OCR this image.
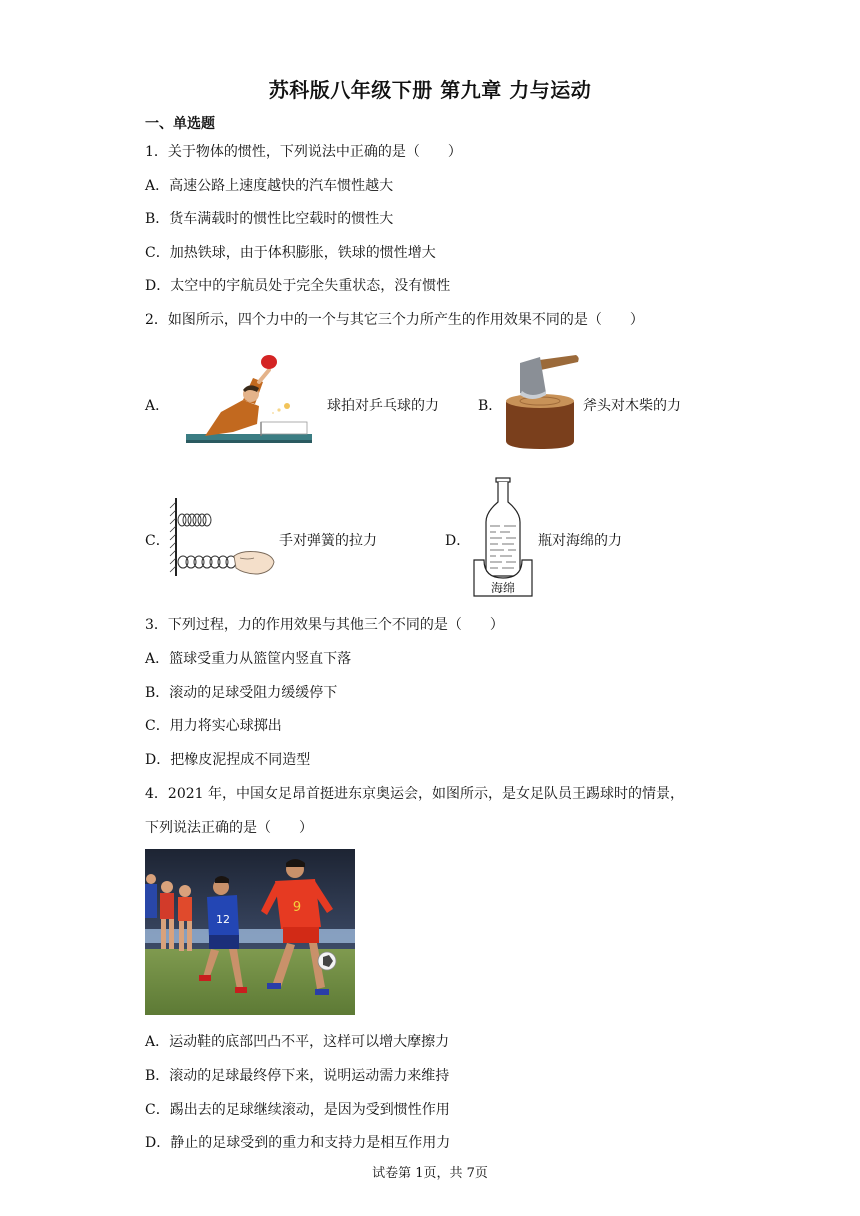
苏科版八年级下册 第九章 力与运动
一、单选题
1．关于物体的惯性，下列说法中正确的是（　　）
A．高速公路上速度越快的汽车惯性越大
B．货车满载时的惯性比空载时的惯性大
C．加热铁球，由于体积膨胀，铁球的惯性增大
D．太空中的宇航员处于完全失重状态，没有惯性
2．如图所示，四个力中的一个与其它三个力所产生的作用效果不同的是（　　）
A．	球拍对乒乓球的力	B．	斧头对木柴的力
C．	手对弹簧的拉力	D．
海绵
瓶对海绵的力
3．下列过程，力的作用效果与其他三个不同的是（　　）
A．篮球受重力从篮筐内竖直下落
B．滚动的足球受阻力缓缓停下
C．用力将实心球掷出
D．把橡皮泥捏成不同造型
4．2021 年，中国女足昂首挺进东京奥运会，如图所示，是女足队员王踢球时的情景，
下列说法正确的是（　　）
12
9
A．运动鞋的底部凹凸不平，这样可以增大摩擦力
B．滚动的足球最终停下来，说明运动需力来维持
C．踢出去的足球继续滚动，是因为受到惯性作用
D．静止的足球受到的重力和支持力是相互作用力
试卷第 1页，共 7页
